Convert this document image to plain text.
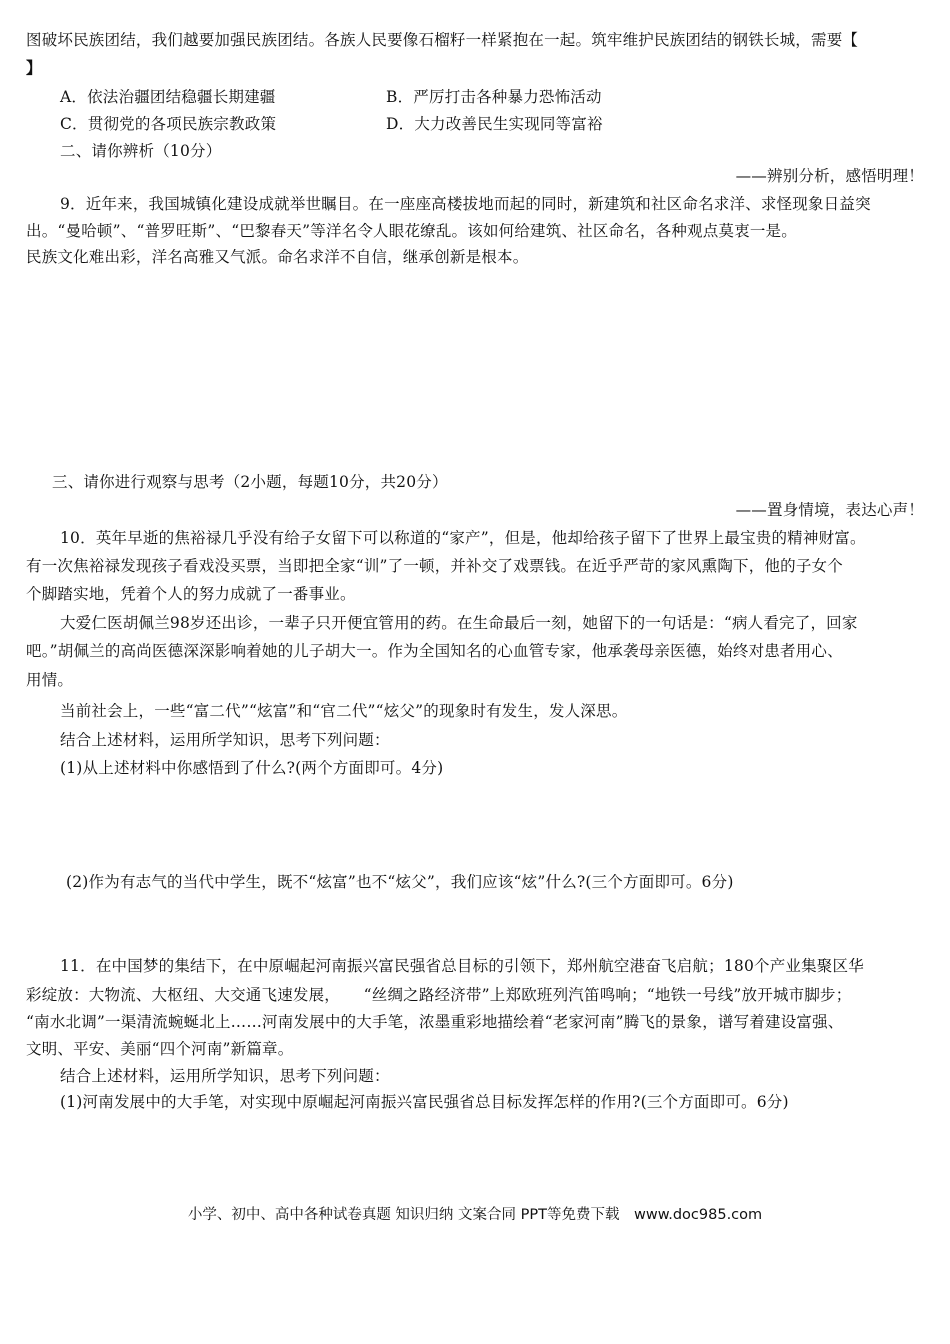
图破坏民族团结，我们越要加强民族团结。各族人民要像石榴籽一样紧抱在一起。筑牢维护民族团结的钢铁长城，需要【
】
A．依法治疆团结稳疆长期建疆	B．严厉打击各种暴力恐怖活动
C．贯彻党的各项民族宗教政策	D．大力改善民生实现同等富裕
二、请你辨析（10分）
——辨别分析，感悟明理！
9．近年来，我国城镇化建设成就举世瞩目。在一座座高楼拔地而起的同时，新建筑和社区命名求洋、求怪现象日益突
出。“曼哈顿”、“普罗旺斯”、“巴黎春天”等洋名令人眼花缭乱。该如何给建筑、社区命名，各种观点莫衷一是。
民族文化难出彩，洋名高雅又气派。命名求洋不自信，继承创新是根本。
三、请你进行观察与思考（2小题，每题10分，共20分）
——置身情境，表达心声！
10．英年早逝的焦裕禄几乎没有给子女留下可以称道的“家产”，但是，他却给孩子留下了世界上最宝贵的精神财富。
有一次焦裕禄发现孩子看戏没买票，当即把全家“训”了一顿，并补交了戏票钱。在近乎严苛的家风熏陶下，他的子女个
个脚踏实地，凭着个人的努力成就了一番事业。
大爱仁医胡佩兰98岁还出诊，一辈子只开便宜管用的药。在生命最后一刻，她留下的一句话是：“病人看完了，回家
吧。”胡佩兰的高尚医德深深影响着她的儿子胡大一。作为全国知名的心血管专家，他承袭母亲医德，始终对患者用心、
用情。
当前社会上，一些“富二代”“炫富”和“官二代”“炫父”的现象时有发生，发人深思。
结合上述材料，运用所学知识，思考下列问题：
(1)从上述材料中你感悟到了什么?(两个方面即可。4分)
(2)作为有志气的当代中学生，既不“炫富”也不“炫父”，我们应该“炫”什么?(三个方面即可。6分)
11．在中国梦的集结下，在中原崛起河南振兴富民强省总目标的引领下，郑州航空港奋飞启航；180个产业集聚区华
彩绽放：大物流、大枢纽、大交通飞速发展，　　“丝绸之路经济带”上郑欧班列汽笛鸣响；“地铁一号线”放开城市脚步；
“南水北调”一渠清流蜿蜒北上……河南发展中的大手笔，浓墨重彩地描绘着“老家河南”腾飞的景象，谱写着建设富强、
文明、平安、美丽“四个河南”新篇章。
结合上述材料，运用所学知识，思考下列问题：
(1)河南发展中的大手笔，对实现中原崛起河南振兴富民强省总目标发挥怎样的作用?(三个方面即可。6分)
小学、初中、高中各种试卷真题 知识归纳 文案合同 PPT等免费下载　www.doc985.com
